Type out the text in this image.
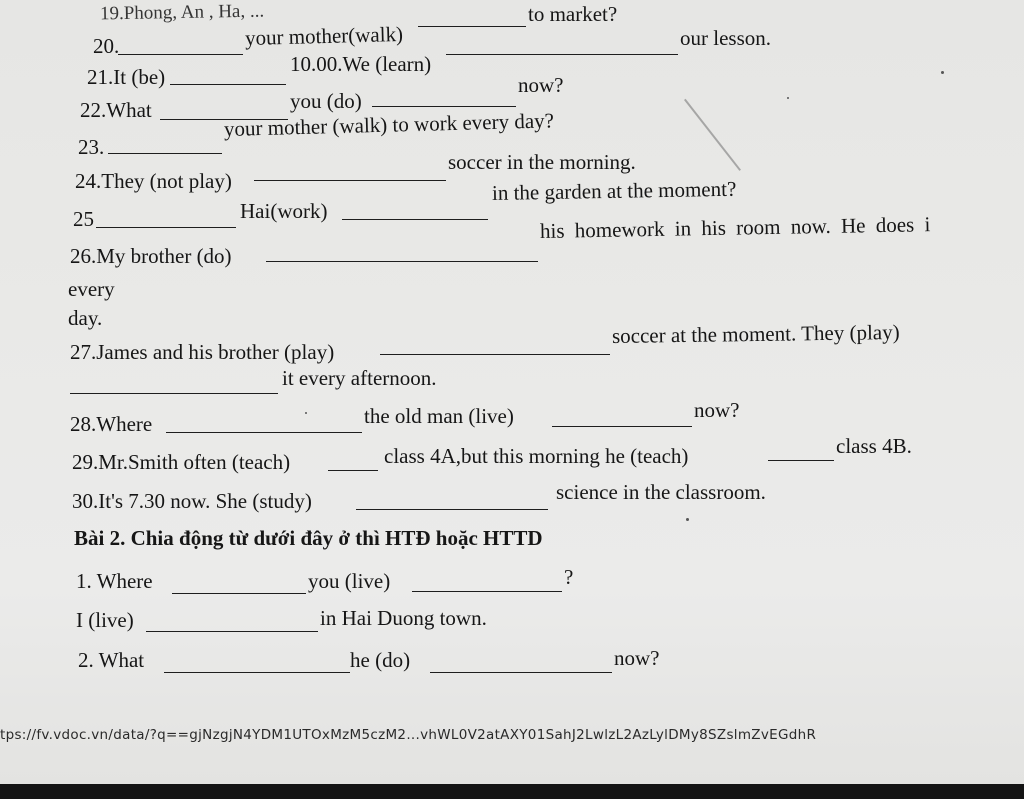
19.Phong, An , Ha, ...
20.	your mother(walk)
to market?
21.It (be)
10.00.We (learn)
our lesson.
22.What	you (do)
now?
23.
your mother (walk) to work every day?
24.They (not play)
soccer in the morning.
25	Hai(work)
in the garden at the moment?
26.My brother (do)
his homework in his room now. He does i
every
day.
27.James and his brother (play)
soccer at the moment. They (play)
it every afternoon.
28.Where	the old man (live)	now?
29.Mr.Smith often (teach)	class 4A,but this morning he (teach)	class 4B.
30.It's 7.30 now. She (study)	science in the classroom.
Bài 2. Chia động từ dưới đây ở thì HTĐ hoặc HTTD
1. Where	you (live)	?
I (live)	in Hai Duong town.
2. What	he (do)	now?
tps://fv.vdoc.vn/data/?q==gjNzgjN4YDM1UTOxMzM5czM2...vhWL0V2atAXY01SahJ2LwlzL2AzLylDMy8SZslmZvEGdhR
